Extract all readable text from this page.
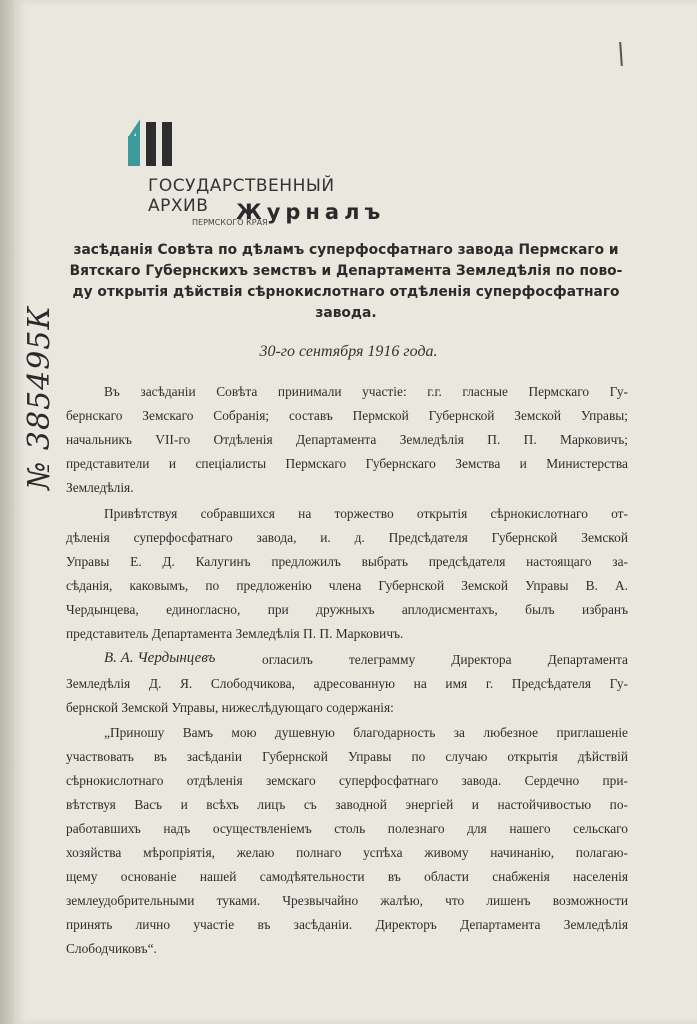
ГОСУДАРСТВЕННЫЙ
АРХИВ
ПЕРМСКОГО КРАЯ
Журналъ
засѣданія Совѣта по дѣламъ суперфосфатнаго завода Пермскаго и
Вятскаго Губернскихъ земствъ и Департамента Земледѣлія по пово-
ду открытія дѣйствія сѣрнокислотнаго отдѣленія суперфосфатнаго
завода.
30-го сентября 1916 года.
Въ засѣданіи Совѣта принимали участіе: г.г. гласные Пермскаго Гу-
бернскаго Земскаго Собранія; составъ Пермской Губернской Земской Управы;
начальникъ VII-го Отдѣленія Департамента Земледѣлія П. П. Марковичъ;
представители и спеціалисты Пермскаго Губернскаго Земства и Министерства
Земледѣлія.
Привѣтствуя собравшихся на торжество открытія сѣрнокислотнаго от-
дѣленія суперфосфатнаго завода, и. д. Предсѣдателя Губернской Земской
Управы Е. Д. Калугинъ предложилъ выбрать предсѣдателя настоящаго за-
сѣданія, каковымъ, по предложенію члена Губернской Земской Управы В. А.
Чердынцева, единогласно, при дружныхъ аплодисментахъ, былъ избранъ
представитель Департамента Земледѣлія П. П. Марковичъ.
В. А. Чердынцевъ	огласилъ телеграмму Директора Департамента
Земледѣлія Д. Я. Слободчикова, адресованную на имя г. Предсѣдателя Гу-
бернской Земской Управы, нижеслѣдующаго содержанія:
„Приношу Вамъ мою душевную благодарность за любезное приглашеніе
участвовать въ засѣданіи Губернской Управы по случаю открытія дѣйствій
сѣрнокислотнаго отдѣленія земскаго суперфосфатнаго завода. Сердечно при-
вѣтствуя Васъ и всѣхъ лицъ съ заводной энергіей и настойчивостью по-
работавшихъ надъ осуществленіемъ столь полезнаго для нашего сельскаго
хозяйства мѣропріятія, желаю полнаго успѣха живому начинанію, полагаю-
щему основаніе нашей самодѣятельности въ области снабженія населенія
землеудобрительными туками. Чрезвычайно жалѣю, что лишенъ возможности
принять лично участіе въ засѣданіи. Директоръ Департамента Земледѣлія
Слободчиковъ“.
№ 385495К
